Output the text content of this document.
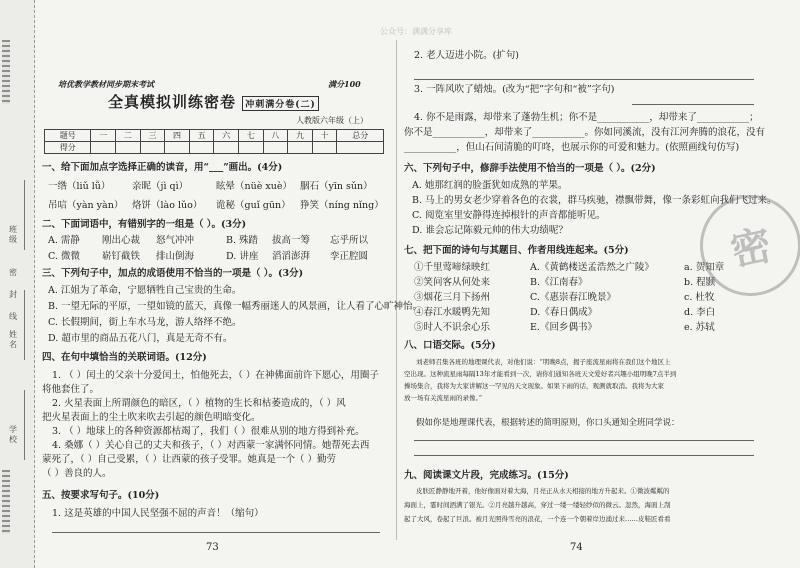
公众号：满满分享库
班级
姓名
学校
密
封
线
培优教学教材同步期末考试	满分100
全真模拟训练密卷 冲刺满分卷(二)
人教版六年级（上）
题号	一	二	三	四	五	六	七	八	九	十	总分
得分											
一、给下面加点字选择正确的读音，用“___”画出。(4分)
一绺（liǔ lǚ） 亲昵（jì qì）	眩晕（nüè xuè） 胭石（yīn sǔn）
吊唁（yàn yàn） 烙饼（lào lǔo） 诡秘（guǐ gūn） 狰笑（níng nǐng）
二、下面词语中，有错别字的一组是（ ）。(3分)
A. 需静 刚出心裁 怒气冲冲	B. 殊踏 拔高一筹 忘乎所以
C. 微微 崭钉截铁 排山倒海	D. 讲座 滔滔澎湃 孪正腔圆
三、下列句子中，加点的成语使用不恰当的一项是（ ）。(3分)
A. 江姐为了革命，宁愿牺牲自己宝贵的生命。
B. 一望无际的平原，一望如镜的蓝天，真像一幅秀丽迷人的风景画，让人看了心旷神怡。
C. 长假期间，街上车水马龙，游人络绎不绝。
D. 超市里的商品五花八门，真是无奇不有。
四、在句中填恰当的关联词语。(12分)
1. （ ）闰土的父亲十分爱闰土，怕他死去，（ ）在神佛面前许下愿心，用圈子
将他套住了。
2. 火星表面上所谓颜色的暗区，（ ）植物的生长和枯萎造成的，（ ）风
把火星表面上的尘土吹来吹去引起的颜色明暗变化。
3. （ ）地球上的各种资源都枯竭了，我们（ ）很难从别的地方得到补充。
4. 桑娜（ ）关心自己的丈夫和孩子，（ ）对西蒙一家满怀同情。她帮死去西
蒙死了，（ ）自己受累，（ ）让西蒙的孩子受罪。她真是一个（ ）勤劳
（ ）善良的人。
五、按要求写句子。(10分)
1. 这是英雄的中国人民坚强不屈的声音！（缩句）
73
2. 老人迈进小院。(扩句)
3. 一阵风吹了蜡烛。(改为“把”字句和“被”字句)
4. 你不是雨露，却带来了蓬勃生机；你不是___________，却带来了___________；
你不是___________，却带来了___________。你如同溪流，没有江河奔腾的浪花，没有
___________，但山石间清脆的叮咚，也展示你的可爱和魅力。(依照画线句仿写)
六、下列句子中，修辞手法使用不恰当的一项是（ ）。(2分)
A. 她那红润的脸蛋犹如成熟的苹果。
B. 马上的男女老少穿着各色的衣裳，群马疾驰，襟飘带舞，像一条彩虹向我们飞过来。
C. 阅览室里安静得连掉根针的声音都能听见。
D. 谁会忘记陈毅元帅的伟大功绩呢？
七、把下面的诗句与其题目、作者用线连起来。(5分)
①千里莺啼绿映红	A.《黄鹤楼送孟浩然之广陵》	a. 贺知章
②笑问客从何处来	B.《江南春》	b. 程颢
③烟花三月下扬州	C.《惠崇春江晚景》	c. 杜牧
④春江水暖鸭先知	D.《春日偶成》	d. 李白
⑤时人不识余心乐	E.《回乡偶书》	e. 苏轼
八、口语交际。(5分)
刘老师召集各班的地理课代表，对他们说：“明晚8点，揭子座流星雨将在我们这个地区上
空出现。这种流星雨每隔13年才能看到一次，请你们通知各班天文爱好者兴趣小组明晚7点半到
操场集合，我将为大家讲解这一罕见的天文现象。如果下雨的话，观测就取消。我将为大家
放一场有关流星雨的录像。”
假如你是地理课代表，根据转述的简明原则，你口头通知全班同学说：
九、阅读课文片段，完成练习。(15分)
皮肤匠静静地开着，他好像面对着大海，月亮正从水天相接的地方升起来。①微波粼粼的
海面上，霎时间洒满了银光。②月亮越升越高，穿过一缕一缕轻纱似的微云。忽然，海面上刮
起了大风，卷起了巨浪。被月光照得雪亮的浪花，一个连一个朝着岸边涌过来……皮鞋匠看看
74
密
